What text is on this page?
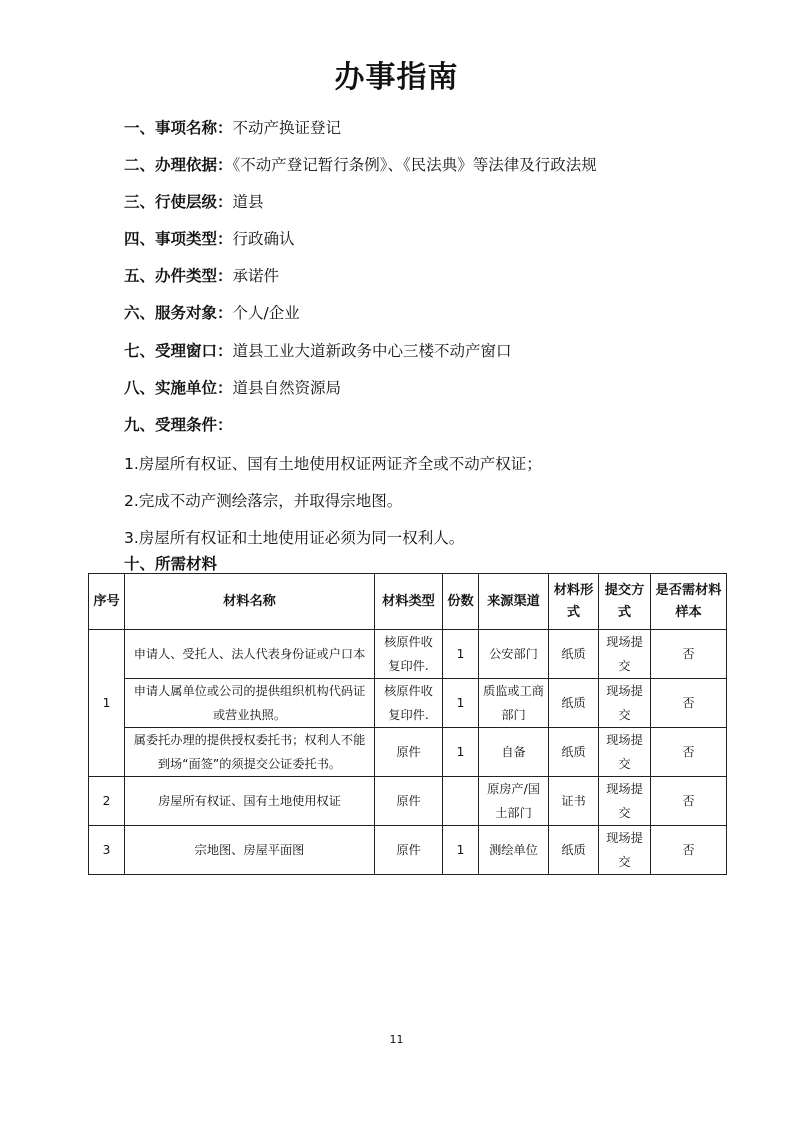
办事指南
一、事项名称：不动产换证登记
二、办理依据：《不动产登记暂行条例》、《民法典》等法律及行政法规
三、行使层级：道县
四、事项类型：行政确认
五、办件类型：承诺件
六、服务对象：个人/企业
七、受理窗口：道县工业大道新政务中心三楼不动产窗口
八、实施单位：道县自然资源局
九、受理条件：
1.房屋所有权证、国有土地使用权证两证齐全或不动产权证；
2.完成不动产测绘落宗，并取得宗地图。
3.房屋所有权证和土地使用证必须为同一权利人。
十、所需材料
序号	材料名称	材料类型	份数	来源渠道	材料形式	提交方式	是否需材料样本
1	申请人、受托人、法人代表身份证或户口本	核原件收复印件.	1	公安部门	纸质	现场提交	否
	申请人属单位或公司的提供组织机构代码证或营业执照。	核原件收复印件.	1	质监或工商部门	纸质	现场提交	否
	属委托办理的提供授权委托书；权利人不能到场“面签”的须提交公证委托书。	原件	1	自备	纸质	现场提交	否
2	房屋所有权证、国有土地使用权证	原件		原房产/国土部门	证书	现场提交	否
3	宗地图、房屋平面图	原件	1	测绘单位	纸质	现场提交	否
11
